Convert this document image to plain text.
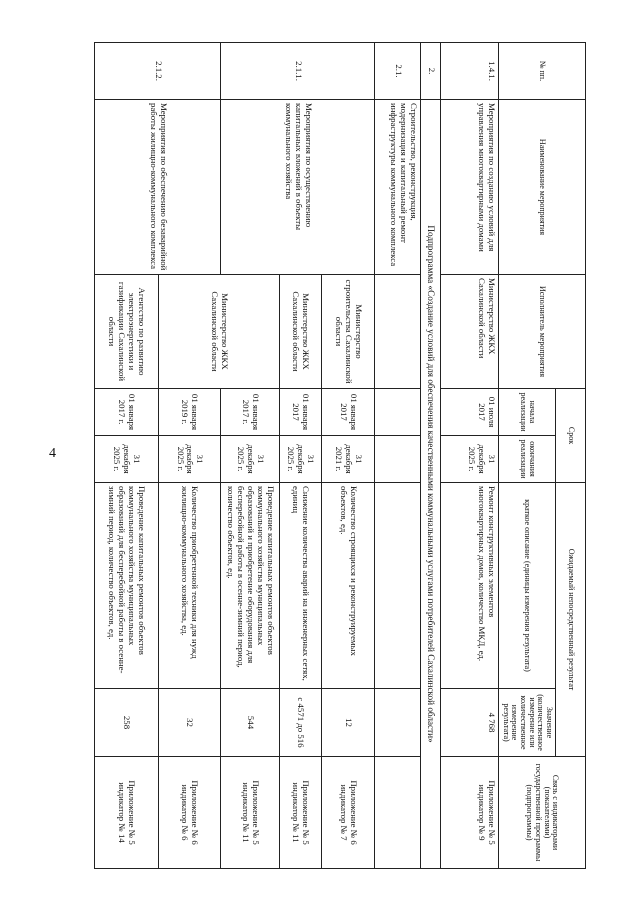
4
№ пп.	Наименование мероприятия	Исполнитель мероприятия	Срок		Ожидаемый непосредственный результат		Связь с индикаторами (показателями) государственной программы (подпрограммы)
			начала реализации	окончания реализации	краткое описание (единицы измерения результата)	Значение (количественное измерение или количественное измерение результата)	
1.4.1.	Мероприятия по созданию условий для управления многоквартирными домами	Министерство ЖКХ Сахалинской области	01 июля 2017	31 декабря 2025 г.	Ремонт конструктивных элементов многоквартирных домов, количество МКД, ед.	4 768	Приложение № 5 индикатор № 9
2.	Подпрограмма «Создание условий для обеспечения качественными коммунальными услугами потребителей Сахалинской области»						
2.1.	Строительство, реконструкция, модернизация и капитальный ремонт инфраструктуры коммунального комплекса						
2.1.1.	Мероприятия по осуществлению капитальных вложений в объекты коммунального хозяйства	Министерство строительства Сахалинской области	01 января 2017	31 декабря 2021 г.	Количество строящихся и реконструируемых объектов, ед.	12	Приложение № 6 индикатор № 7
		Министерство ЖКХ Сахалинской области	01 января 2017	31 декабря 2025 г.	Снижение количества аварий на инженерных сетях, единиц	с 4571 до 516	Приложение № 5 индикатор № 11
		Министерство ЖКХ Сахалинской области	01 января 2017 г.	31 декабря 2025 г.	Проведение капитальных ремонтов объектов коммунального хозяйства муниципальных образований и приобретение оборудования для бесперебойной работы в осенне-зимний период, количество объектов, ед.	544	Приложение № 5 индикатор № 11
2.1.2.	Мероприятия по обеспечению безаварийной работы жилищно-коммунального комплекса		01 января 2019 г.	31 декабря 2025 г.	Количество приобретенной техники для нужд жилищно-коммунального хозяйства, ед.	32	Приложение № 6 индикатор № 6
		Агентство по развитию электроэнергетики и газификации Сахалинской области	01 января 2017 г.	31 декабря 2025 г.	Проведение капитальных ремонтов объектов коммунального хозяйства муниципальных образований для бесперебойной работы в осенне-зимний период, количество объектов, ед.	258	Приложение № 5 индикатор № 14
